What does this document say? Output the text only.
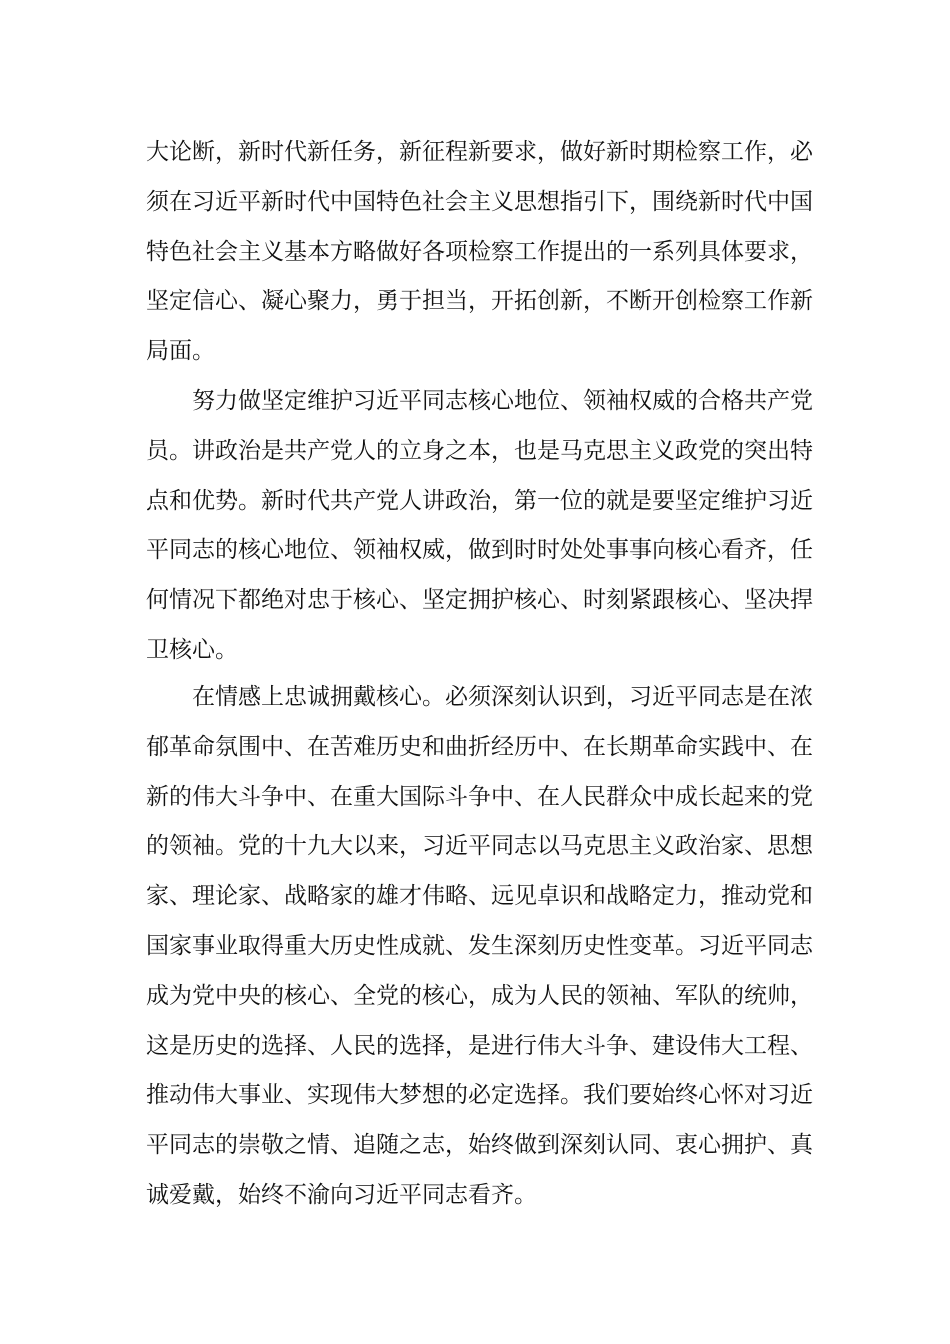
大论断，新时代新任务，新征程新要求，做好新时期检察工作，必
须在习近平新时代中国特色社会主义思想指引下，围绕新时代中国
特色社会主义基本方略做好各项检察工作提出的一系列具体要求，
坚定信心、凝心聚力，勇于担当，开拓创新，不断开创检察工作新
局面。
努力做坚定维护习近平同志核心地位、领袖权威的合格共产党
员。讲政治是共产党人的立身之本，也是马克思主义政党的突出特
点和优势。新时代共产党人讲政治，第一位的就是要坚定维护习近
平同志的核心地位、领袖权威，做到时时处处事事向核心看齐，任
何情况下都绝对忠于核心、坚定拥护核心、时刻紧跟核心、坚决捍
卫核心。
在情感上忠诚拥戴核心。必须深刻认识到，习近平同志是在浓
郁革命氛围中、在苦难历史和曲折经历中、在长期革命实践中、在
新的伟大斗争中、在重大国际斗争中、在人民群众中成长起来的党
的领袖。党的十九大以来，习近平同志以马克思主义政治家、思想
家、理论家、战略家的雄才伟略、远见卓识和战略定力，推动党和
国家事业取得重大历史性成就、发生深刻历史性变革。习近平同志
成为党中央的核心、全党的核心，成为人民的领袖、军队的统帅，
这是历史的选择、人民的选择，是进行伟大斗争、建设伟大工程、
推动伟大事业、实现伟大梦想的必定选择。我们要始终心怀对习近
平同志的崇敬之情、追随之志，始终做到深刻认同、衷心拥护、真
诚爱戴，始终不渝向习近平同志看齐。
